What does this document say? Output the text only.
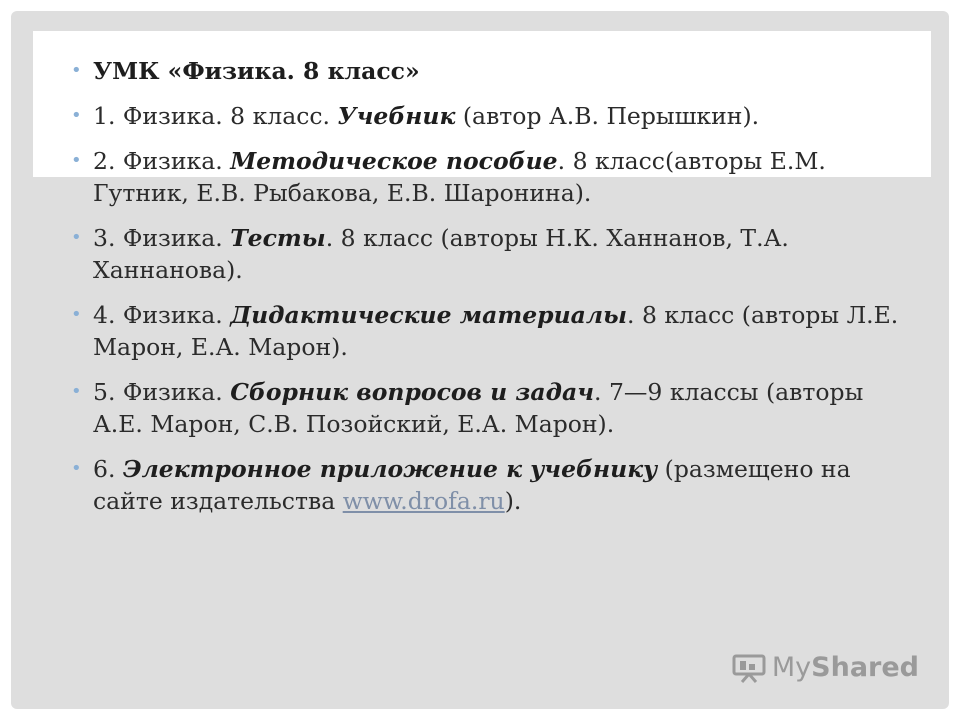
• УМК «Физика. 8 класс»
• 1. Физика. 8 класс. Учебник (автор А.В. Перышкин).
• 2. Физика. Методическое пособие. 8 класс(авторы Е.М. Гутник, Е.В. Рыбакова, Е.В. Шаронина).
• 3. Физика. Тесты. 8 класс (авторы Н.К. Ханнанов, Т.А. Ханнанова).
• 4. Физика. Дидактические материалы. 8 класс (авторы Л.Е. Марон, Е.А. Марон).
• 5. Физика. Сборник вопросов и задач. 7—9 классы (авторы А.Е. Марон, С.В. Позойский, Е.А. Марон).
• 6. Электронное приложение к учебнику (размещено на сайте издательства www.drofa.ru).
My Shared
